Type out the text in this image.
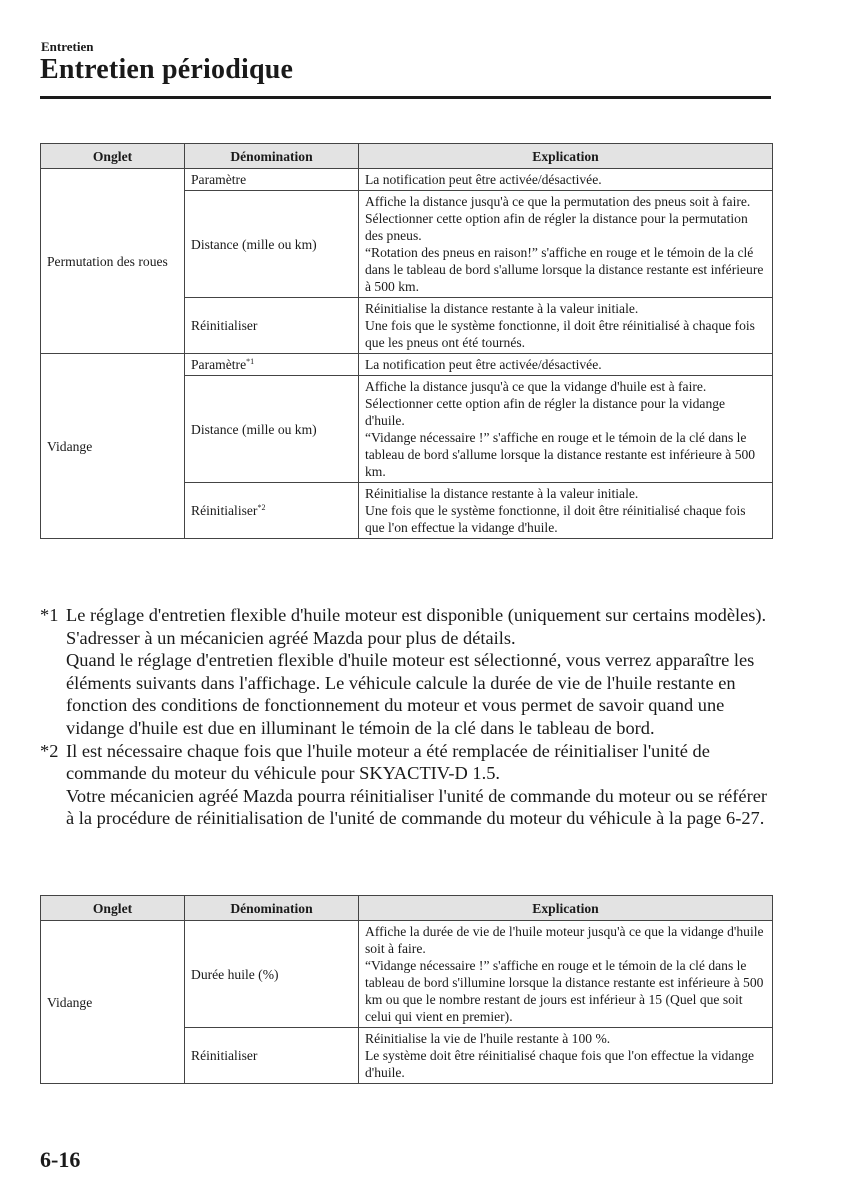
Entretien
Entretien périodique
Onglet	Dénomination	Explication
Permutation des roues	Paramètre	La notification peut être activée/désactivée.
	Distance (mille ou km)	Affiche la distance jusqu'à ce que la permutation des pneus soit à faire.
Sélectionner cette option afin de régler la distance pour la permutation des pneus.
“Rotation des pneus en raison!” s'affiche en rouge et le témoin de la clé dans le tableau de bord s'allume lorsque la distance restante est inférieure à 500 km.
	Réinitialiser	Réinitialise la distance restante à la valeur initiale.
Une fois que le système fonctionne, il doit être réinitialisé à chaque fois que les pneus ont été tournés.
Vidange	Paramètre$^{*1}$	La notification peut être activée/désactivée.
	Distance (mille ou km)	Affiche la distance jusqu'à ce que la vidange d'huile est à faire.
Sélectionner cette option afin de régler la distance pour la vidange d'huile.
“Vidange nécessaire !” s'affiche en rouge et le témoin de la clé dans le tableau de bord s'allume lorsque la distance restante est inférieure à 500 km.
	Réinitialiser$^{*2}$	Réinitialise la distance restante à la valeur initiale.
Une fois que le système fonctionne, il doit être réinitialisé chaque fois que l'on effectue la vidange d'huile.
*1 Le réglage d'entretien flexible d'huile moteur est disponible (uniquement sur certains modèles). S'adresser à un mécanicien agréé Mazda pour plus de détails.
Quand le réglage d'entretien flexible d'huile moteur est sélectionné, vous verrez apparaître les éléments suivants dans l'affichage. Le véhicule calcule la durée de vie de l'huile restante en fonction des conditions de fonctionnement du moteur et vous permet de savoir quand une vidange d'huile est due en illuminant le témoin de la clé dans le tableau de bord.
*2 Il est nécessaire chaque fois que l'huile moteur a été remplacée de réinitialiser l'unité de commande du moteur du véhicule pour SKYACTIV-D 1.5.
Votre mécanicien agréé Mazda pourra réinitialiser l'unité de commande du moteur ou se référer à la procédure de réinitialisation de l'unité de commande du moteur du véhicule à la page 6-27.
Onglet	Dénomination	Explication
Vidange	Durée huile (%)	Affiche la durée de vie de l'huile moteur jusqu'à ce que la vidange d'huile soit à faire.
“Vidange nécessaire !” s'affiche en rouge et le témoin de la clé dans le tableau de bord s'illumine lorsque la distance restante est inférieure à 500 km ou que le nombre restant de jours est inférieur à 15 (Quel que soit celui qui vient en premier).
	Réinitialiser	Réinitialise la vie de l'huile restante à 100 %.
Le système doit être réinitialisé chaque fois que l'on effectue la vidange d'huile.
6-16
